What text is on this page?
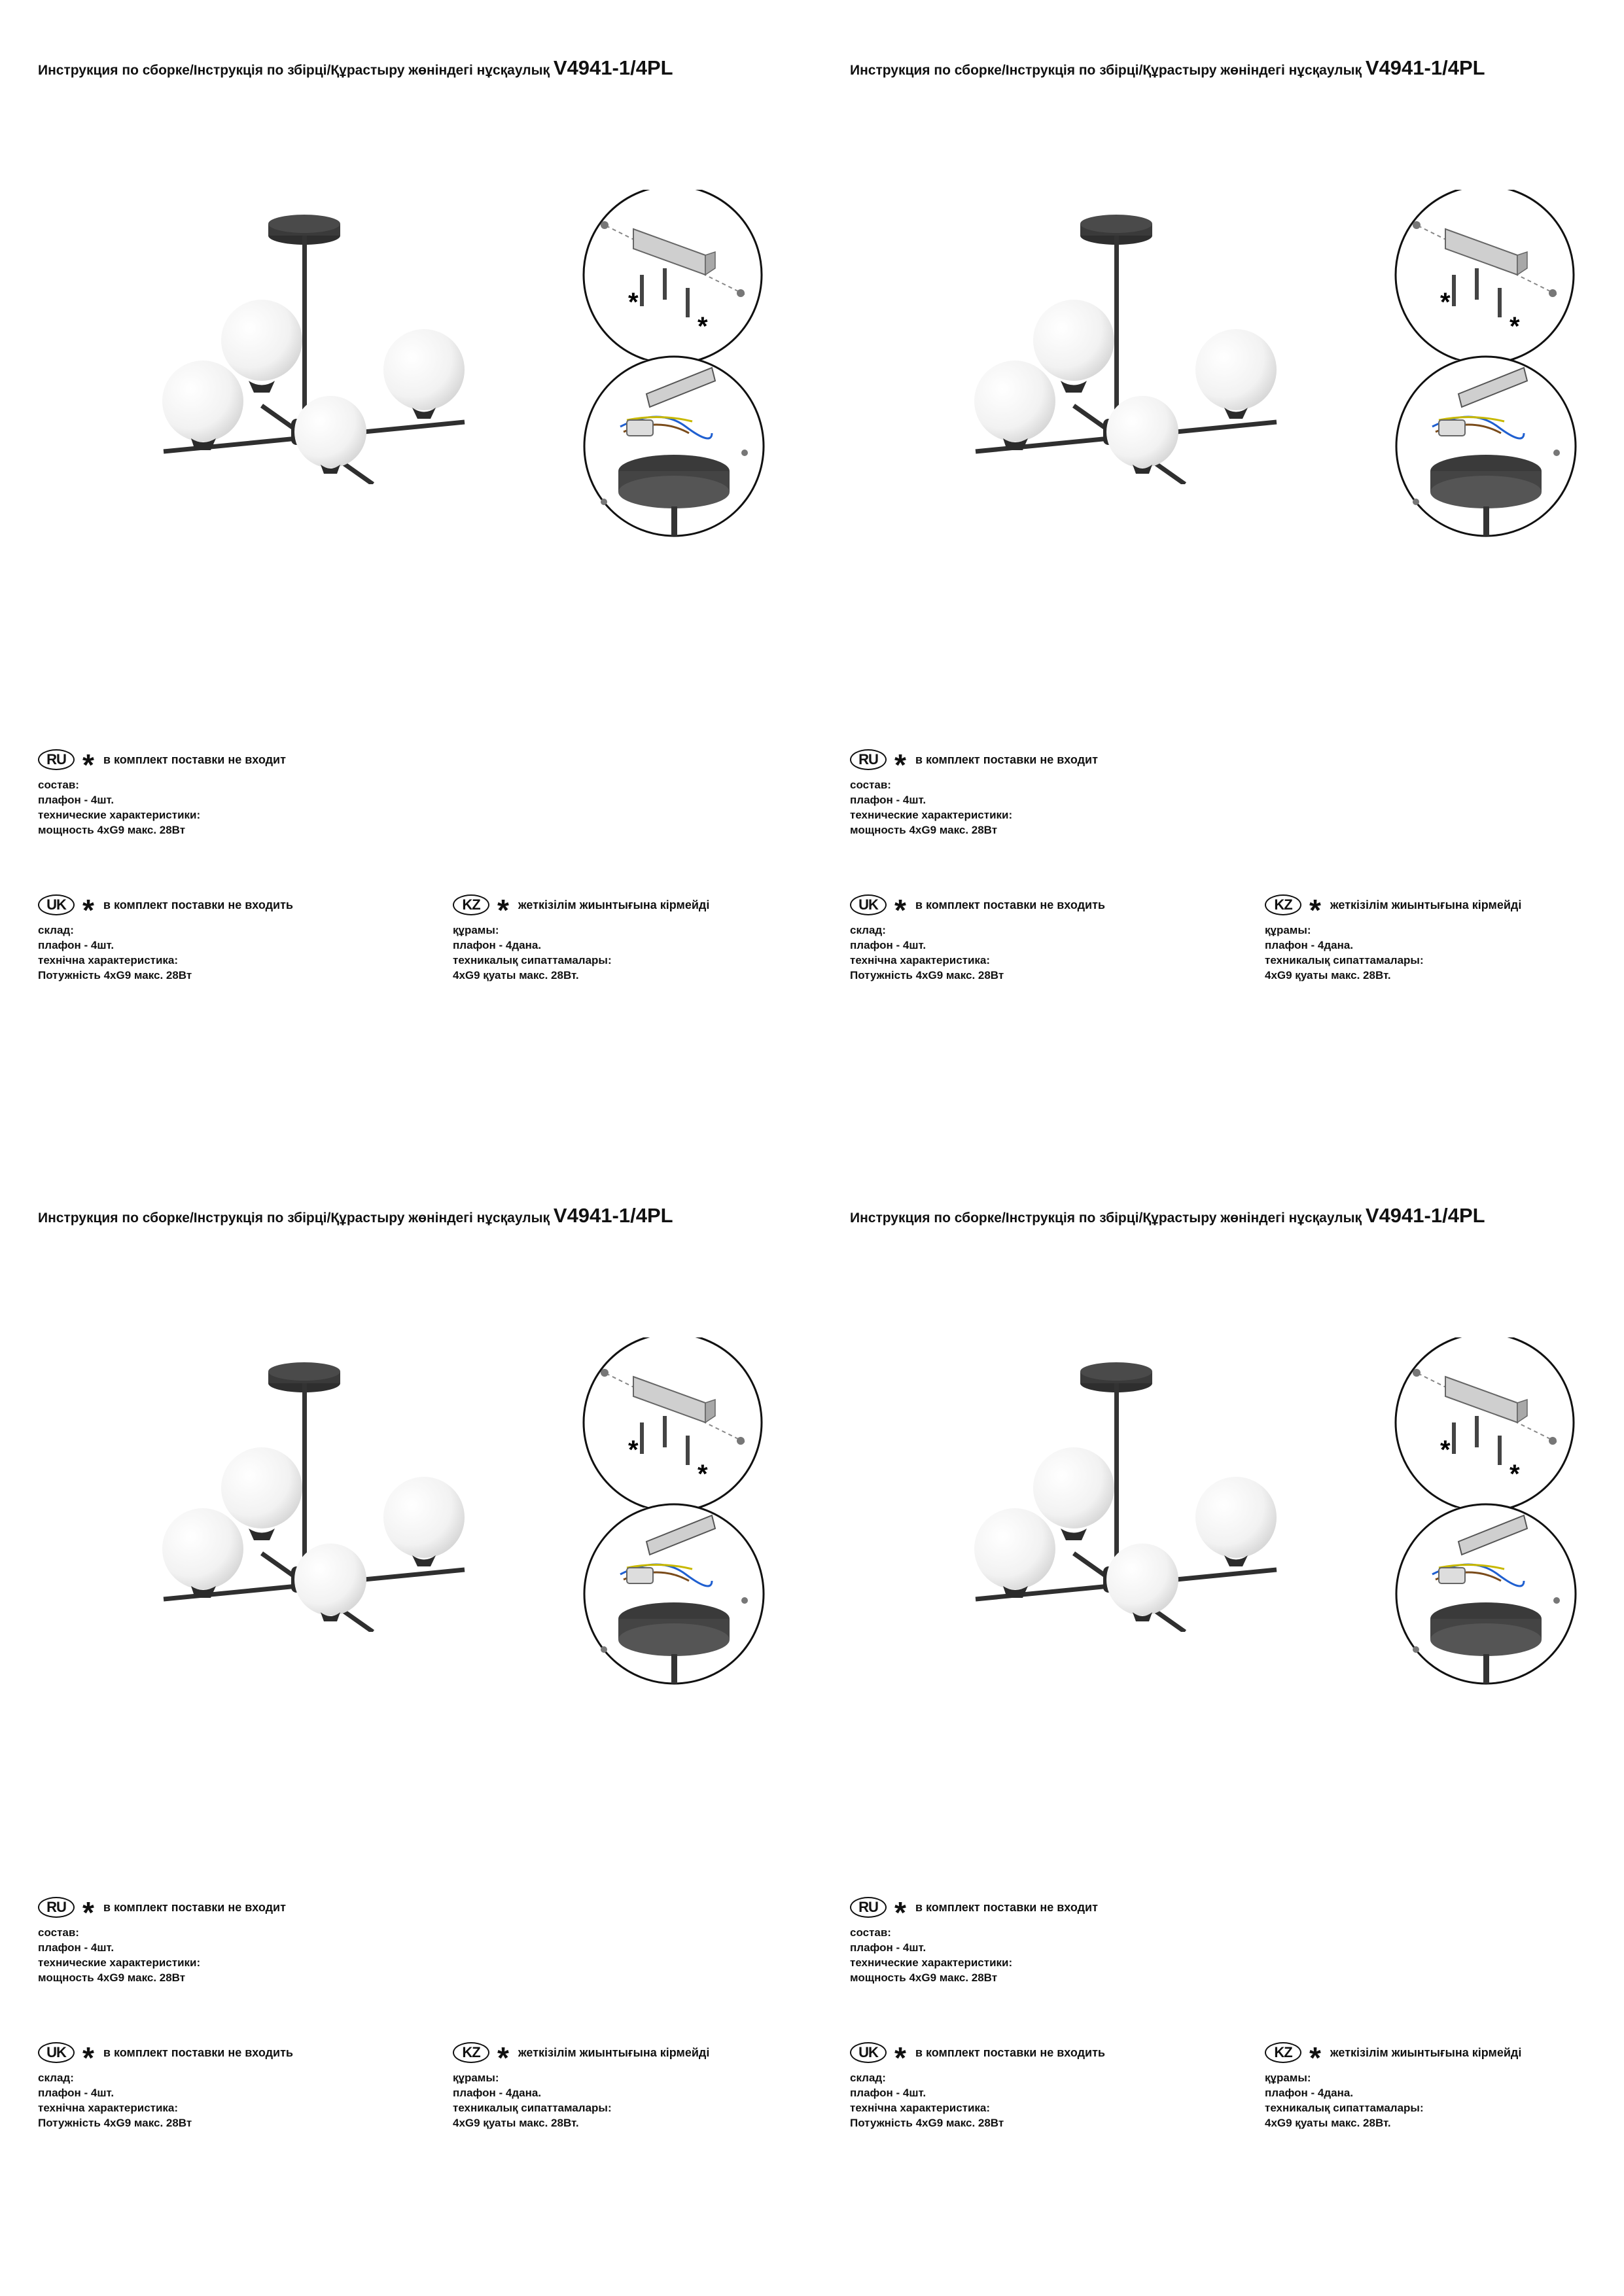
Инструкция по сборке/Інструкція по збірці/Құрастыру жөніндегі нұсқаулық V4941-1/4PL
*
*
RU * в комплект поставки не входит
состав:
плафон - 4шт.
технические характеристики:
мощность 4xG9 макс. 28Вт
UK * в комплект поставки не входить
склад:
плафон - 4шт.
технічна характеристика:
Потужність 4xG9 макс. 28Вт
KZ * жеткізілім жиынтығына кірмейді
құрамы:
плафон - 4дана.
техникалық сипаттамалары:
4xG9 қуаты макс. 28Вт.
Инструкция по сборке/Інструкція по збірці/Құрастыру жөніндегі нұсқаулық V4941-1/4PL
*
*
RU * в комплект поставки не входит
состав:
плафон - 4шт.
технические характеристики:
мощность 4xG9 макс. 28Вт
UK * в комплект поставки не входить
склад:
плафон - 4шт.
технічна характеристика:
Потужність 4xG9 макс. 28Вт
KZ * жеткізілім жиынтығына кірмейді
құрамы:
плафон - 4дана.
техникалық сипаттамалары:
4xG9 қуаты макс. 28Вт.
Инструкция по сборке/Інструкція по збірці/Құрастыру жөніндегі нұсқаулық V4941-1/4PL
*
*
RU * в комплект поставки не входит
состав:
плафон - 4шт.
технические характеристики:
мощность 4xG9 макс. 28Вт
UK * в комплект поставки не входить
склад:
плафон - 4шт.
технічна характеристика:
Потужність 4xG9 макс. 28Вт
KZ * жеткізілім жиынтығына кірмейді
құрамы:
плафон - 4дана.
техникалық сипаттамалары:
4xG9 қуаты макс. 28Вт.
Инструкция по сборке/Інструкція по збірці/Құрастыру жөніндегі нұсқаулық V4941-1/4PL
*
*
RU * в комплект поставки не входит
состав:
плафон - 4шт.
технические характеристики:
мощность 4xG9 макс. 28Вт
UK * в комплект поставки не входить
склад:
плафон - 4шт.
технічна характеристика:
Потужність 4xG9 макс. 28Вт
KZ * жеткізілім жиынтығына кірмейді
құрамы:
плафон - 4дана.
техникалық сипаттамалары:
4xG9 қуаты макс. 28Вт.
